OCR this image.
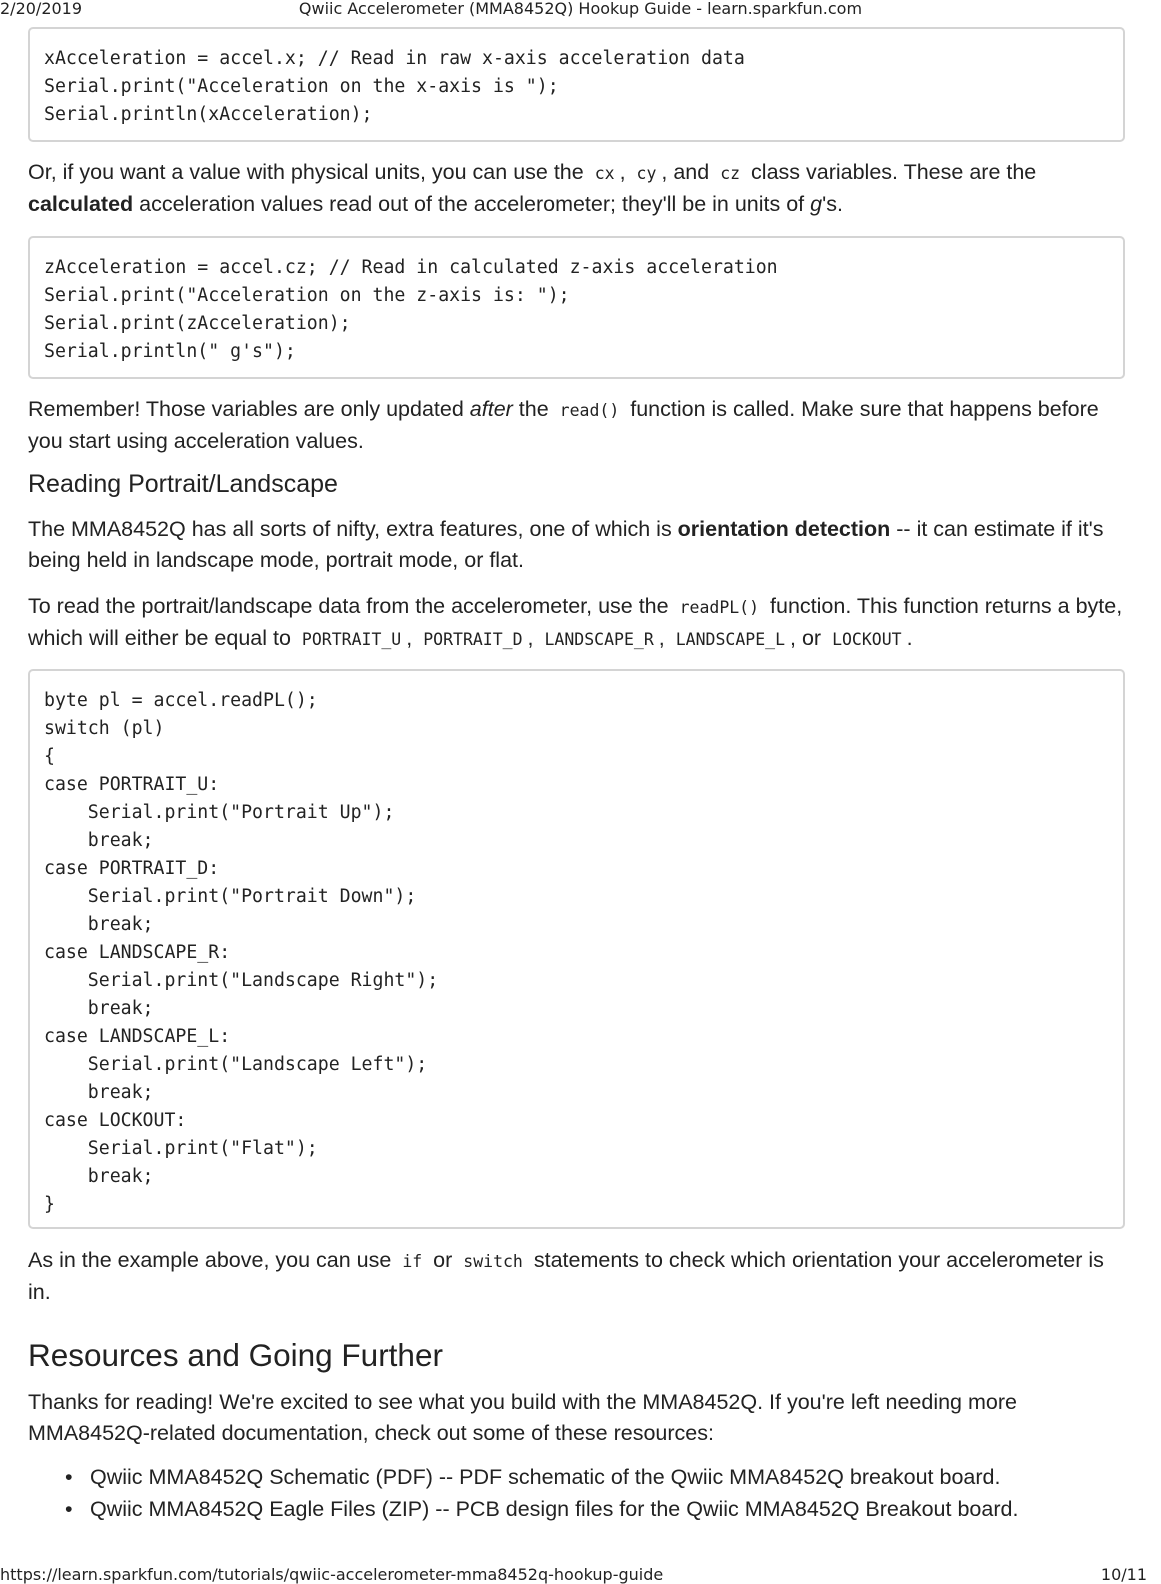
2/20/2019	Qwiic Accelerometer (MMA8452Q) Hookup Guide - learn.sparkfun.com
xAcceleration = accel.x; // Read in raw x-axis acceleration data
Serial.print("Acceleration on the x-axis is ");
Serial.println(xAcceleration);

Or, if you want a value with physical units, you can use the cx , cy , and cz class variables. These are the calculated acceleration values read out of the accelerometer; they'll be in units of g's.

zAcceleration = accel.cz; // Read in calculated z-axis acceleration
Serial.print("Acceleration on the z-axis is: ");
Serial.print(zAcceleration);
Serial.println(" g's");

Remember! Those variables are only updated after the read() function is called. Make sure that happens before you start using acceleration values.

Reading Portrait/Landscape

The MMA8452Q has all sorts of nifty, extra features, one of which is orientation detection -- it can estimate if it's being held in landscape mode, portrait mode, or flat.

To read the portrait/landscape data from the accelerometer, use the readPL() function. This function returns a byte, which will either be equal to PORTRAIT_U , PORTRAIT_D , LANDSCAPE_R , LANDSCAPE_L , or LOCKOUT .

byte pl = accel.readPL();
switch (pl)
{
case PORTRAIT_U:
Serial.print("Portrait Up");
break;
case PORTRAIT_D:
Serial.print("Portrait Down");
break;
case LANDSCAPE_R:
Serial.print("Landscape Right");
break;
case LANDSCAPE_L:
Serial.print("Landscape Left");
break;
case LOCKOUT:
Serial.print("Flat");
break;
}

As in the example above, you can use if or switch statements to check which orientation your accelerometer is in.

Resources and Going Further

Thanks for reading! We're excited to see what you build with the MMA8452Q. If you're left needing more MMA8452Q-related documentation, check out some of these resources:

• Qwiic MMA8452Q Schematic (PDF) -- PDF schematic of the Qwiic MMA8452Q breakout board.
• Qwiic MMA8452Q Eagle Files (ZIP) -- PCB design files for the Qwiic MMA8452Q Breakout board.
https://learn.sparkfun.com/tutorials/qwiic-accelerometer-mma8452q-hookup-guide	10/11
